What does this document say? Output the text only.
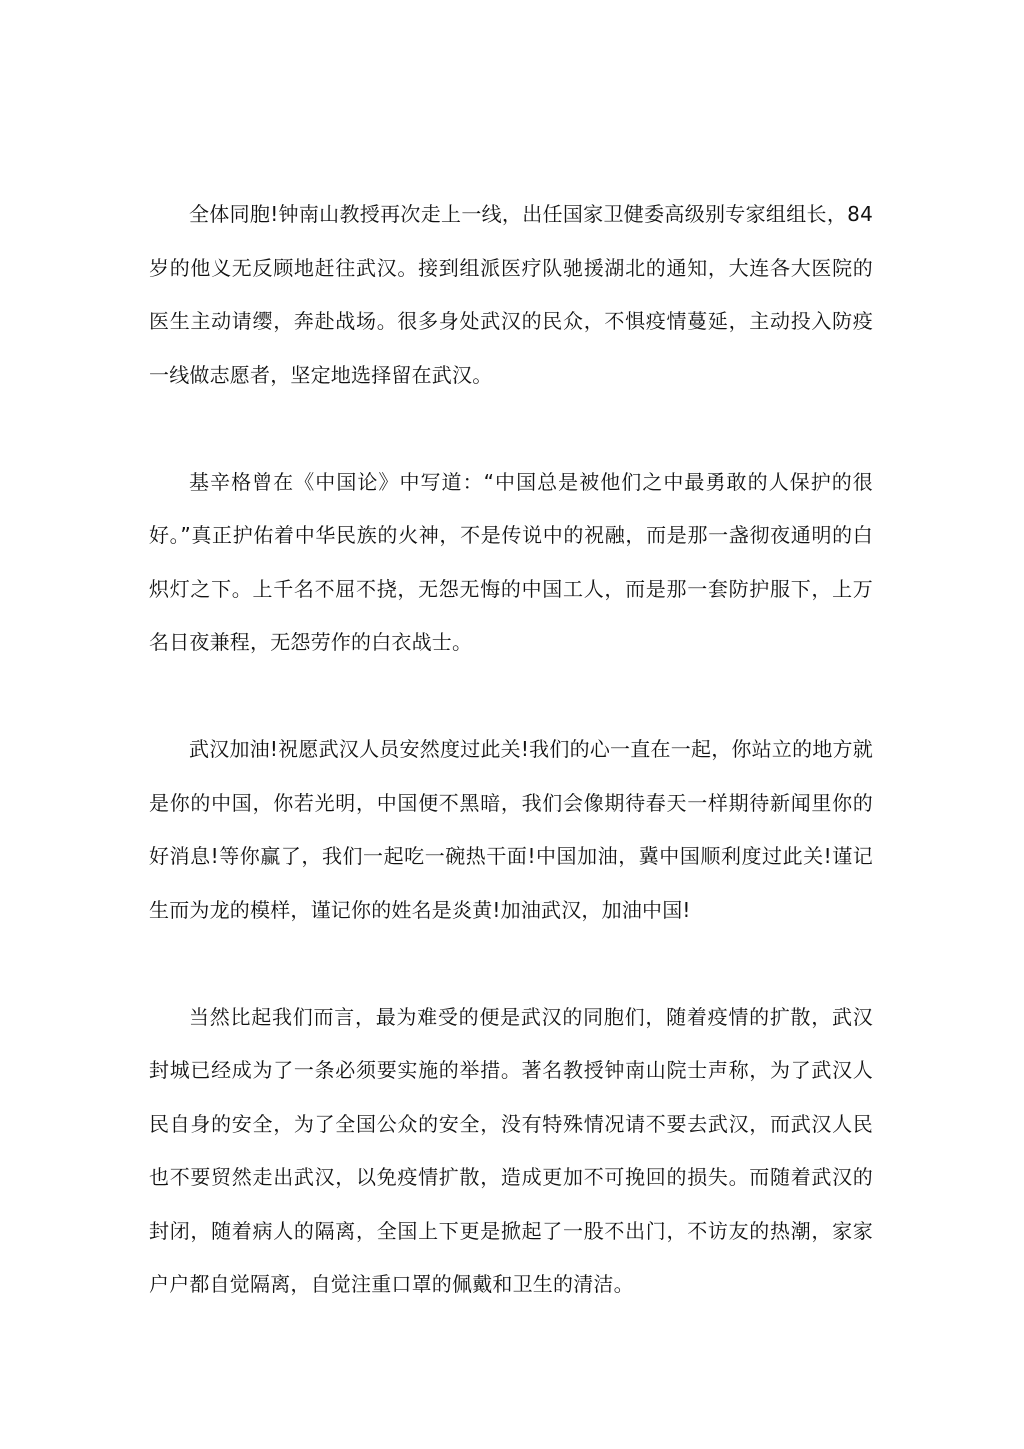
全体同胞!钟南山教授再次走上一线，出任国家卫健委高级别专家组组长，84岁的他义无反顾地赶往武汉。接到组派医疗队驰援湖北的通知，大连各大医院的医生主动请缨，奔赴战场。很多身处武汉的民众，不惧疫情蔓延，主动投入防疫一线做志愿者，坚定地选择留在武汉。

基辛格曾在《中国论》中写道：“中国总是被他们之中最勇敢的人保护的很好。”真正护佑着中华民族的火神，不是传说中的祝融，而是那一盏彻夜通明的白炽灯之下。上千名不屈不挠，无怨无悔的中国工人，而是那一套防护服下，上万名日夜兼程，无怨劳作的白衣战士。

武汉加油!祝愿武汉人员安然度过此关!我们的心一直在一起，你站立的地方就是你的中国，你若光明，中国便不黑暗，我们会像期待春天一样期待新闻里你的好消息!等你赢了，我们一起吃一碗热干面!中国加油，冀中国顺利度过此关!谨记生而为龙的模样，谨记你的姓名是炎黄!加油武汉，加油中国!

当然比起我们而言，最为难受的便是武汉的同胞们，随着疫情的扩散，武汉封城已经成为了一条必须要实施的举措。著名教授钟南山院士声称，为了武汉人民自身的安全，为了全国公众的安全，没有特殊情况请不要去武汉，而武汉人民也不要贸然走出武汉，以免疫情扩散，造成更加不可挽回的损失。而随着武汉的封闭，随着病人的隔离，全国上下更是掀起了一股不出门，不访友的热潮，家家户户都自觉隔离，自觉注重口罩的佩戴和卫生的清洁。
